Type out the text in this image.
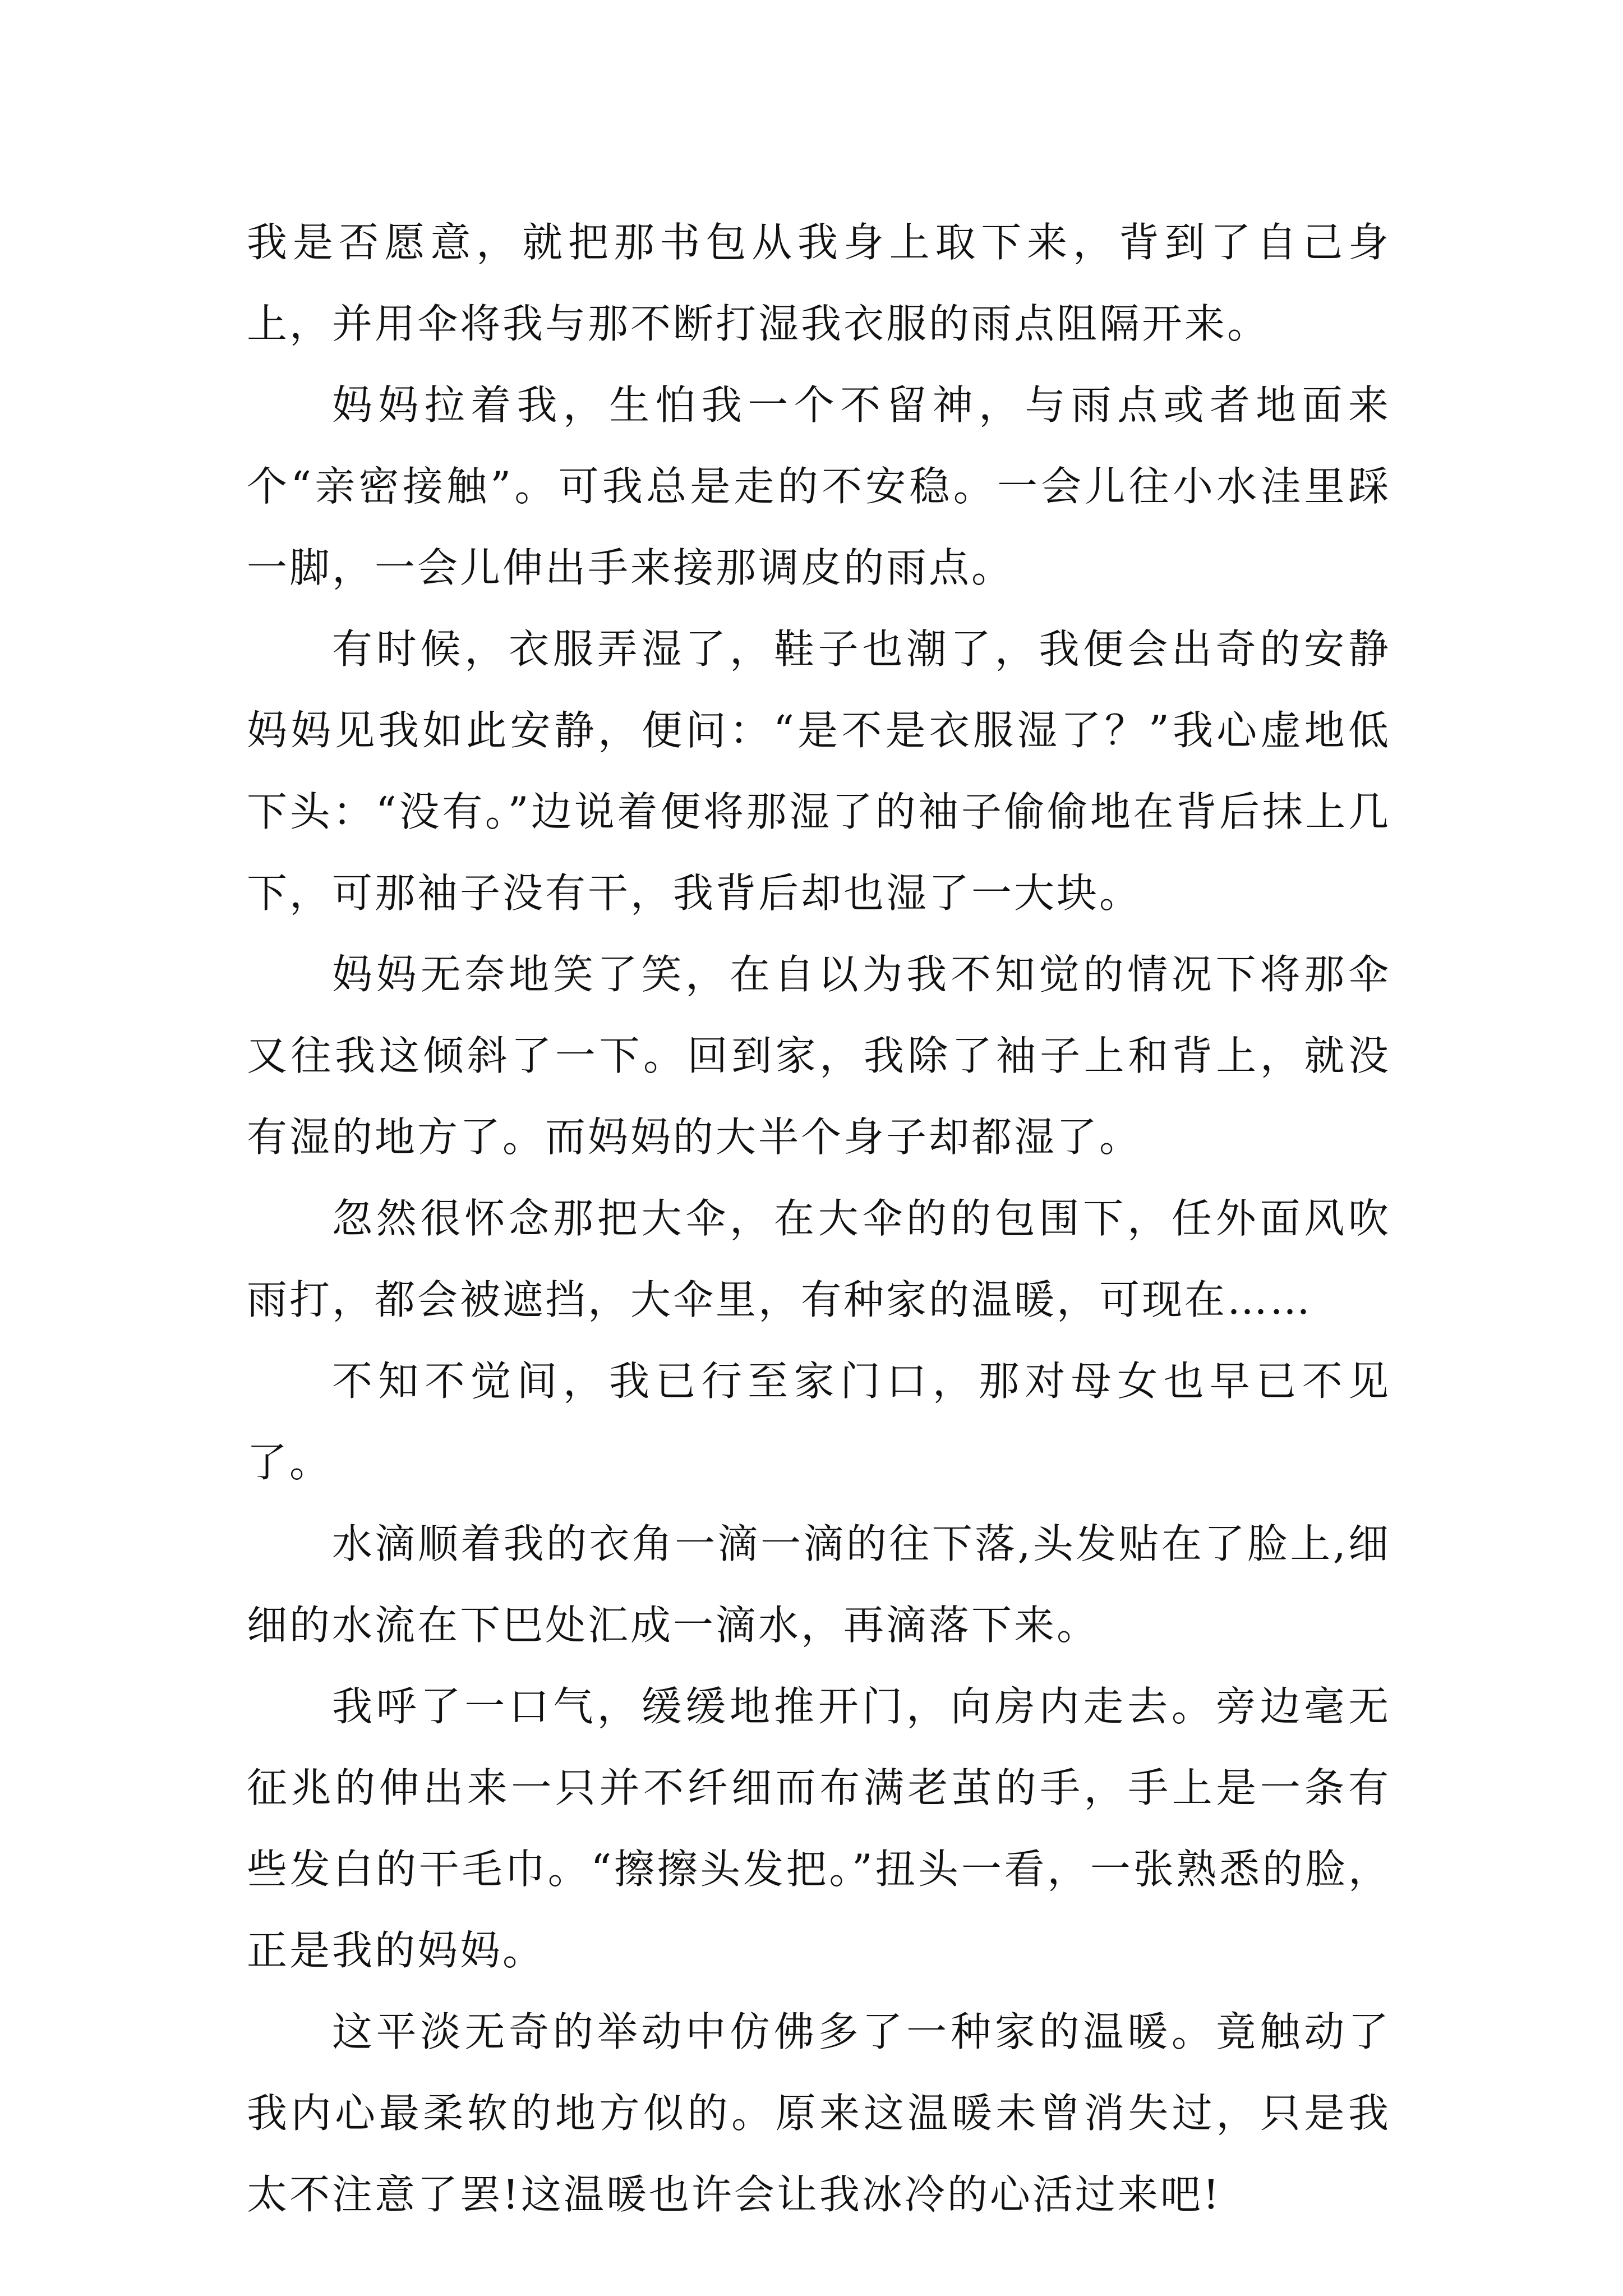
我是否愿意，就把那书包从我身上取下来，背到了自己身上，并用伞将我与那不断打湿我衣服的雨点阻隔开来。

妈妈拉着我，生怕我一个不留神，与雨点或者地面来个“亲密接触”。可我总是走的不安稳。一会儿往小水洼里踩一脚，一会儿伸出手来接那调皮的雨点。

有时候，衣服弄湿了，鞋子也潮了，我便会出奇的安静妈妈见我如此安静，便问：“是不是衣服湿了？”我心虚地低下头：“没有。”边说着便将那湿了的袖子偷偷地在背后抹上几下，可那袖子没有干，我背后却也湿了一大块。

妈妈无奈地笑了笑，在自以为我不知觉的情况下将那伞又往我这倾斜了一下。回到家，我除了袖子上和背上，就没有湿的地方了。而妈妈的大半个身子却都湿了。

忽然很怀念那把大伞，在大伞的的包围下，任外面风吹雨打，都会被遮挡，大伞里，有种家的温暖，可现在……

不知不觉间，我已行至家门口，那对母女也早已不见了。

水滴顺着我的衣角一滴一滴的往下落,头发贴在了脸上,细细的水流在下巴处汇成一滴水，再滴落下来。

我呼了一口气，缓缓地推开门，向房内走去。旁边毫无征兆的伸出来一只并不纤细而布满老茧的手，手上是一条有些发白的干毛巾。“擦擦头发把。”扭头一看，一张熟悉的脸，正是我的妈妈。

这平淡无奇的举动中仿佛多了一种家的温暖。竟触动了我内心最柔软的地方似的。原来这温暖未曾消失过，只是我太不注意了罢!这温暖也许会让我冰冷的心活过来吧!
